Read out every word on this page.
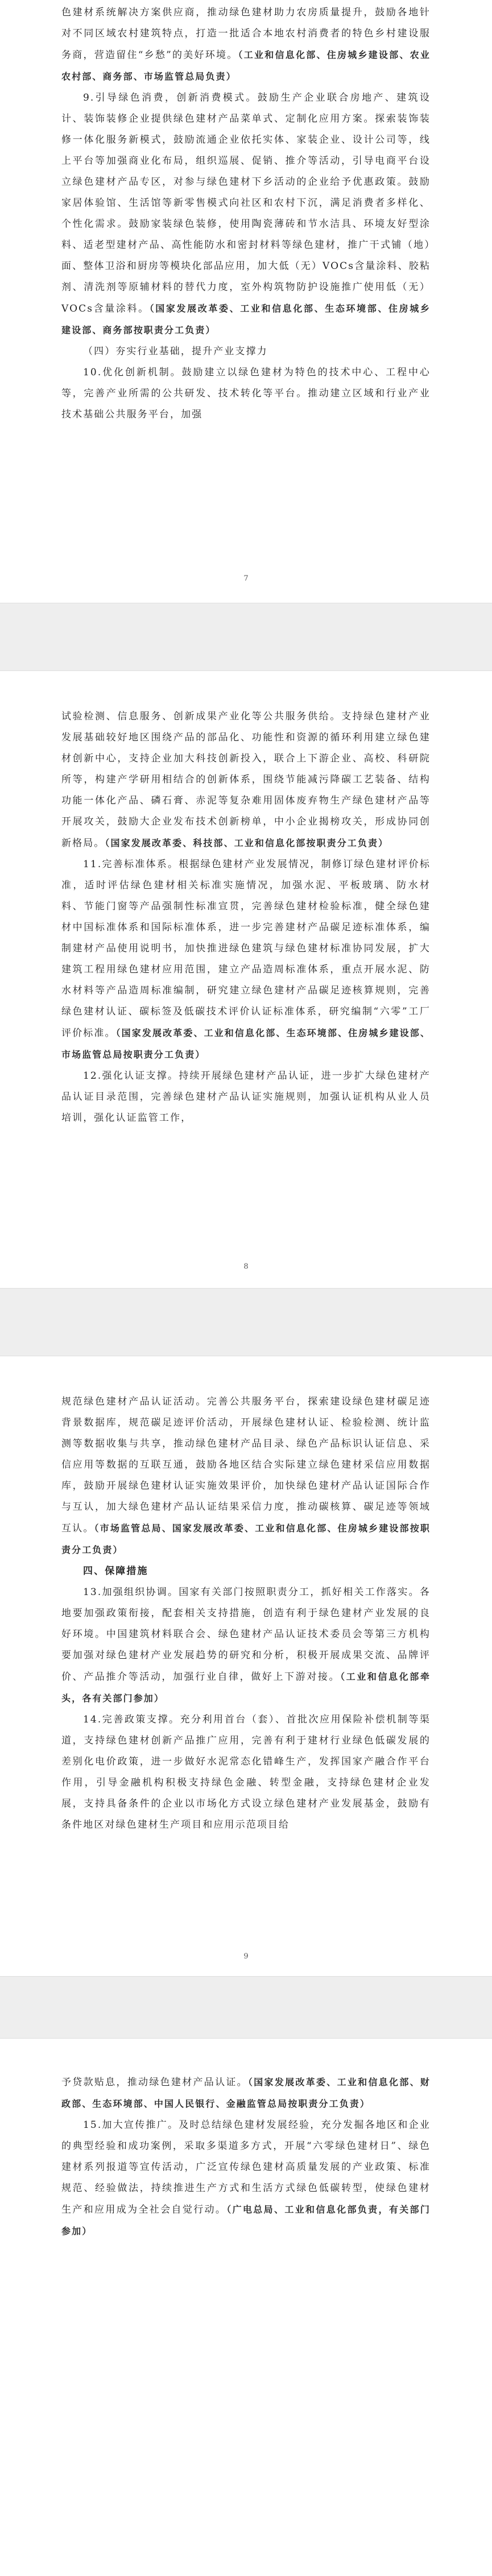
色建材系统解决方案供应商，推动绿色建材助力农房质量提升，鼓励各地针对不同区域农村建筑特点，打造一批适合本地农村消费者的特色乡村建设服务商，营造留住“乡愁”的美好环境。（工业和信息化部、住房城乡建设部、农业农村部、商务部、市场监管总局负责）

9.引导绿色消费，创新消费模式。鼓励生产企业联合房地产、建筑设计、装饰装修企业提供绿色建材产品菜单式、定制化应用方案。探索装饰装修一体化服务新模式，鼓励流通企业依托实体、家装企业、设计公司等，线上平台等加强商业化布局，组织巡展、促销、推介等活动，引导电商平台设立绿色建材产品专区，对参与绿色建材下乡活动的企业给予优惠政策。鼓励家居体验馆、生活馆等新零售模式向社区和农村下沉，满足消费者多样化、个性化需求。鼓励家装绿色装修，使用陶瓷薄砖和节水洁具、环境友好型涂料、适老型建材产品、高性能防水和密封材料等绿色建材，推广干式铺（地）面、整体卫浴和厨房等模块化部品应用，加大低（无）VOCs含量涂料、胶粘剂、清洗剂等原辅材料的替代力度，室外构筑物防护设施推广使用低（无）VOCs含量涂料。（国家发展改革委、工业和信息化部、生态环境部、住房城乡建设部、商务部按职责分工负责）

（四）夯实行业基础，提升产业支撑力

10.优化创新机制。鼓励建立以绿色建材为特色的技术中心、工程中心等，完善产业所需的公共研发、技术转化等平台。推动建立区域和行业产业技术基础公共服务平台，加强

7

试验检测、信息服务、创新成果产业化等公共服务供给。支持绿色建材产业发展基础较好地区围绕产品的部品化、功能性和资源的循环利用建立绿色建材创新中心，支持企业加大科技创新投入，联合上下游企业、高校、科研院所等，构建产学研用相结合的创新体系，围绕节能减污降碳工艺装备、结构功能一体化产品、磷石膏、赤泥等复杂难用固体废弃物生产绿色建材产品等开展攻关，鼓励大企业发布技术创新榜单，中小企业揭榜攻关，形成协同创新格局。（国家发展改革委、科技部、工业和信息化部按职责分工负责）

11.完善标准体系。根据绿色建材产业发展情况，制修订绿色建材评价标准，适时评估绿色建材相关标准实施情况，加强水泥、平板玻璃、防水材料、节能门窗等产品强制性标准宣贯，完善绿色建材检验标准，健全绿色建材中国标准体系和国际标准体系，进一步完善建材产品碳足迹标准体系，编制建材产品使用说明书，加快推进绿色建筑与绿色建材标准协同发展，扩大建筑工程用绿色建材应用范围，建立产品造周标准体系，重点开展水泥、防水材料等产品造周标准编制，研究建立绿色建材产品碳足迹核算规则，完善绿色建材认证、碳标签及低碳技术评价认证标准体系，研究编制“六零”工厂评价标准。（国家发展改革委、工业和信息化部、生态环境部、住房城乡建设部、市场监管总局按职责分工负责）

12.强化认证支撑。持续开展绿色建材产品认证，进一步扩大绿色建材产品认证目录范围，完善绿色建材产品认证实施规则，加强认证机构从业人员培训，强化认证监管工作，

8

规范绿色建材产品认证活动。完善公共服务平台，探索建设绿色建材碳足迹背景数据库，规范碳足迹评价活动，开展绿色建材认证、检验检测、统计监测等数据收集与共享，推动绿色建材产品目录、绿色产品标识认证信息、采信应用等数据的互联互通，鼓励各地区结合实际建立绿色建材采信应用数据库，鼓励开展绿色建材认证实施效果评价，加快绿色建材产品认证国际合作与互认，加大绿色建材产品认证结果采信力度，推动碳核算、碳足迹等领域互认。（市场监管总局、国家发展改革委、工业和信息化部、住房城乡建设部按职责分工负责）

四、保障措施

13.加强组织协调。国家有关部门按照职责分工，抓好相关工作落实。各地要加强政策衔接，配套相关支持措施，创造有利于绿色建材产业发展的良好环境。中国建筑材料联合会、绿色建材产品认证技术委员会等第三方机构要加强对绿色建材产业发展趋势的研究和分析，积极开展成果交流、品牌评价、产品推介等活动，加强行业自律，做好上下游对接。（工业和信息化部牵头，各有关部门参加）

14.完善政策支撑。充分利用首台（套）、首批次应用保险补偿机制等渠道，支持绿色建材创新产品推广应用，完善有利于建材行业绿色低碳发展的差别化电价政策，进一步做好水泥常态化错峰生产，发挥国家产融合作平台作用，引导金融机构积极支持绿色金融、转型金融，支持绿色建材企业发展，支持具备条件的企业以市场化方式设立绿色建材产业发展基金，鼓励有条件地区对绿色建材生产项目和应用示范项目给

9

予贷款贴息，推动绿色建材产品认证。（国家发展改革委、工业和信息化部、财政部、生态环境部、中国人民银行、金融监管总局按职责分工负责）

15.加大宣传推广。及时总结绿色建材发展经验，充分发掘各地区和企业的典型经验和成功案例，采取多渠道多方式，开展“六零绿色建材日”、绿色建材系列报道等宣传活动，广泛宣传绿色建材高质量发展的产业政策、标准规范、经验做法，持续推进生产方式和生活方式绿色低碳转型，使绿色建材生产和应用成为全社会自觉行动。（广电总局、工业和信息化部负责，有关部门参加）
